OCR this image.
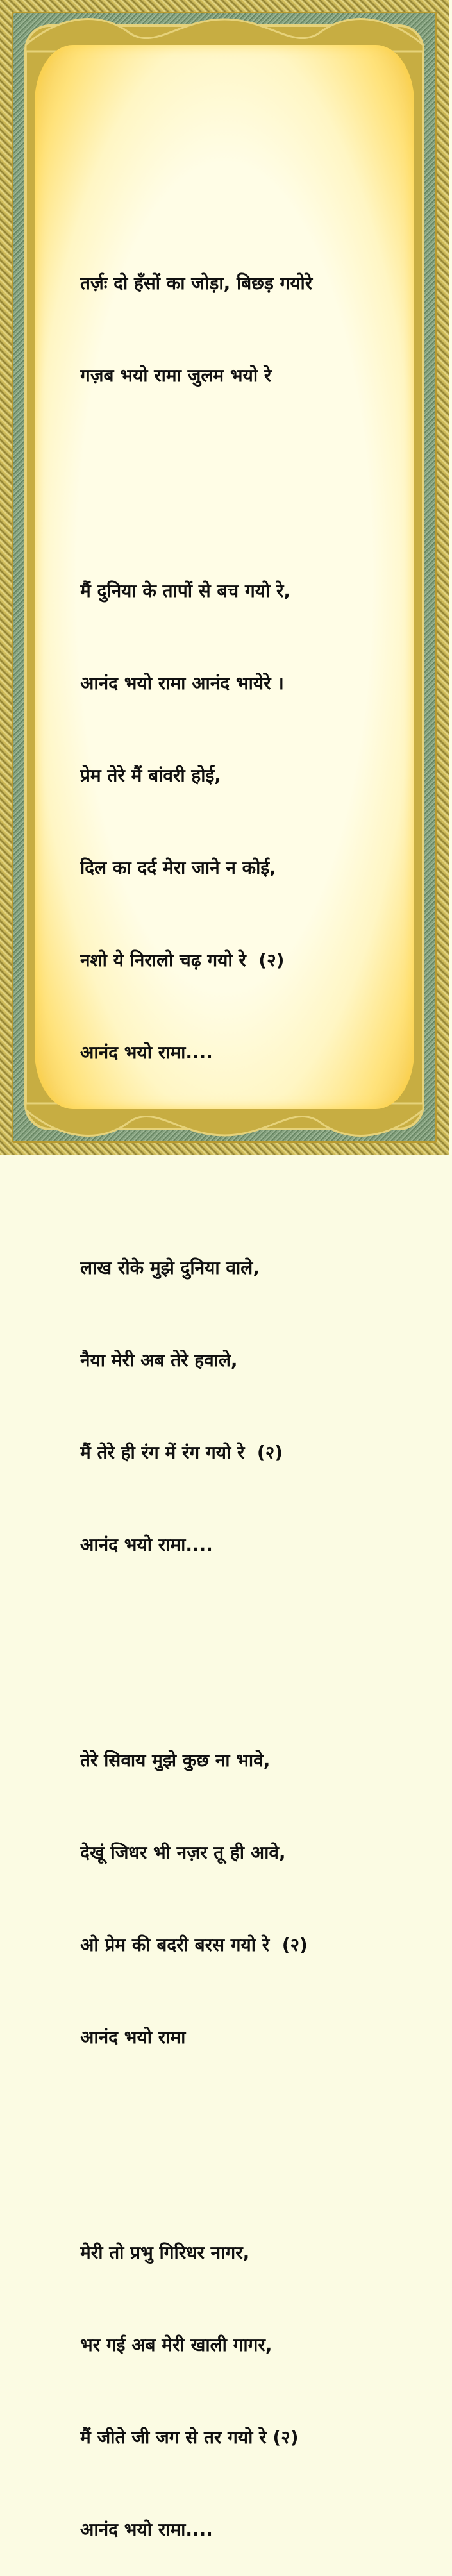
तर्ज़ः दो हँसों का जोड़ा, बिछड़ गयोरे

गज़ब भयो रामा जुलम भयो रे

मैं दुनिया के तापों से बच गयो रे,

आनंद भयो रामा आनंद भायेरे ।

प्रेम तेरे मैं बांवरी होई,

दिल का दर्द मेरा जाने न कोई,

नशो ये निरालो चढ़ गयो रे  (२)

आनंद भयो रामा....

लाख रोके मुझे दुनिया वाले,

नैया मेरी अब तेरे हवाले,

मैं तेरे ही रंग में रंग गयो रे  (२)

आनंद भयो रामा....

तेरे सिवाय मुझे कुछ ना भावे,

देखूं जिधर भी नज़र तू ही आवे,

ओ प्रेम की बदरी बरस गयो रे  (२)

आनंद भयो रामा

मेरी तो प्रभु गिरिधर नागर,

भर गई अब मेरी खाली गागर,

मैं जीते जी जग से तर गयो रे (२)

आनंद भयो रामा....
